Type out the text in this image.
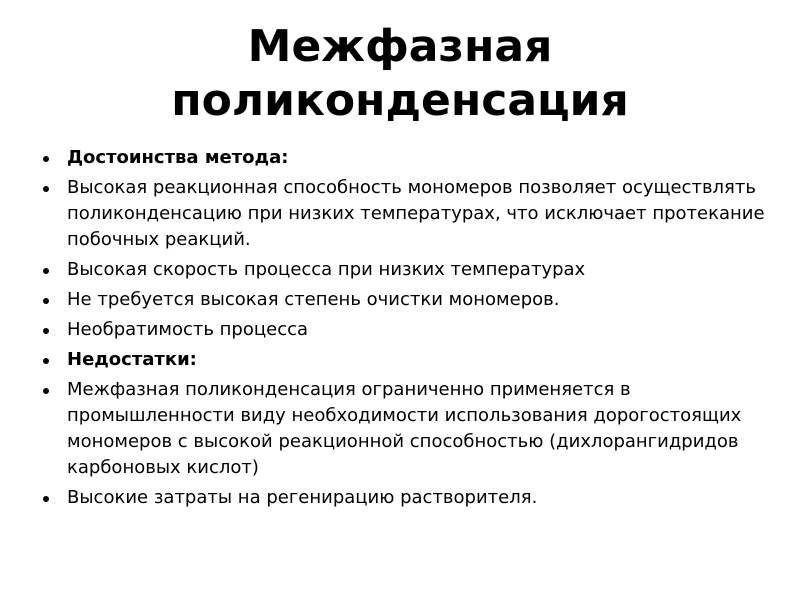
Межфазная
поликонденсация
Достоинства метода:
Высокая реакционная способность мономеров позволяет осуществлять поликонденсацию при низких температурах, что исключает протекание побочных реакций.
Высокая скорость процесса при низких температурах
Не требуется высокая степень очистки мономеров.
Необратимость процесса
Недостатки:
Межфазная поликонденсация ограниченно применяется в промышленности виду необходимости использования дорогостоящих мономеров с высокой реакционной способностью (дихлорангидридов карбоновых кислот)
Высокие затраты на регенирацию растворителя.
